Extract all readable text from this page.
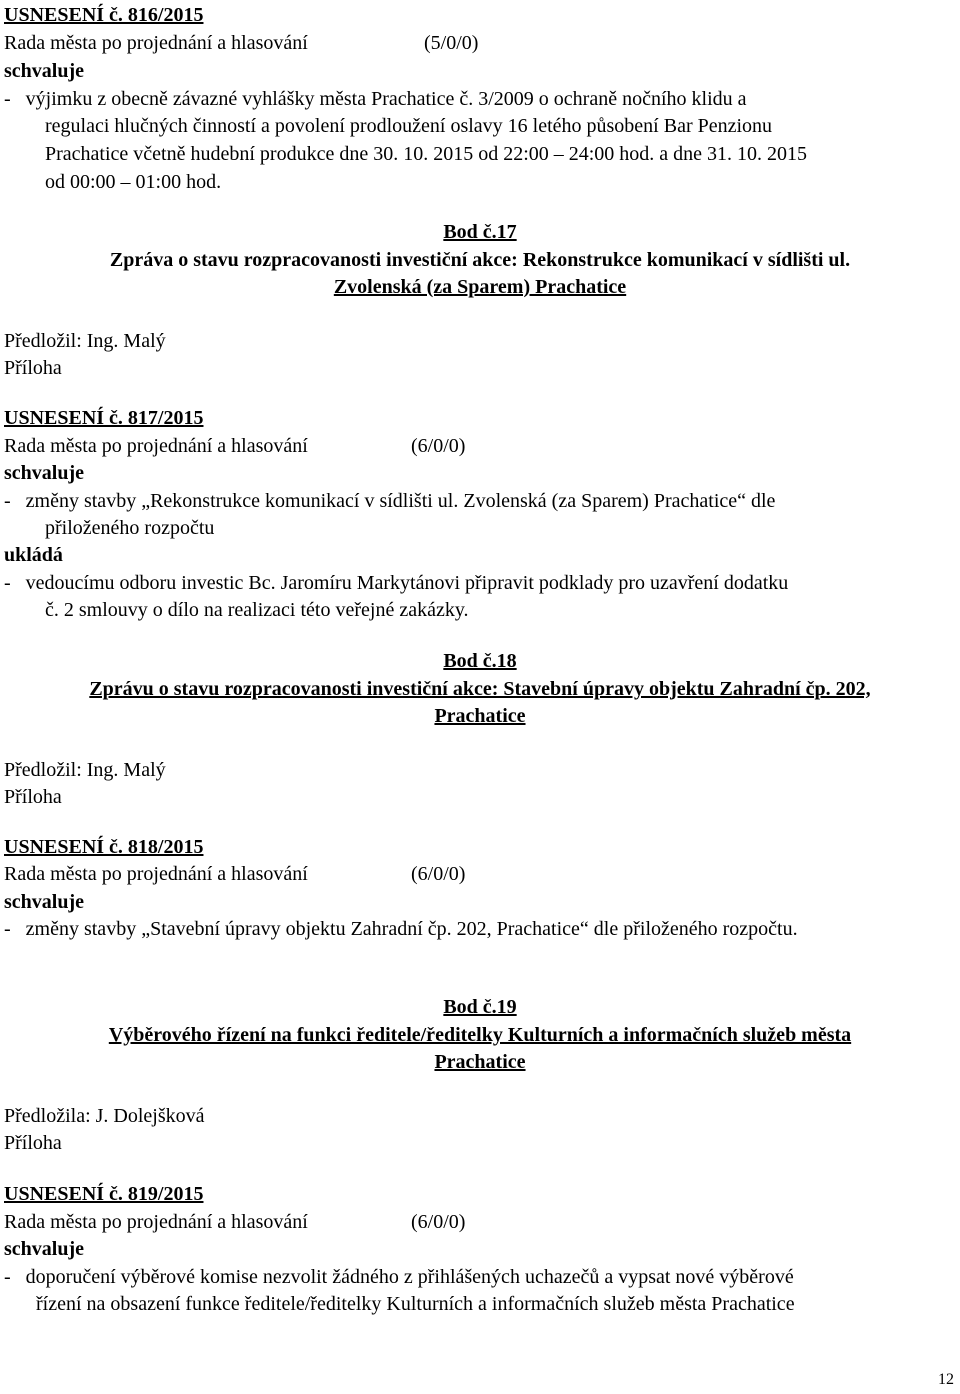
USNESENÍ č. 816/2015
Rada města po projednání a hlasování	(5/0/0)
schvaluje
-   výjimku z obecně závazné vyhlášky města Prachatice č. 3/2009 o ochraně nočního klidu a
regulaci hlučných činností a povolení prodloužení oslavy 16 letého působení Bar Penzionu
Prachatice včetně hudební produkce dne 30. 10. 2015 od 22:00 – 24:00 hod. a dne 31. 10. 2015
od 00:00 – 01:00 hod.
Bod č.17
Zpráva o stavu rozpracovanosti investiční akce: Rekonstrukce komunikací v sídlišti ul.
Zvolenská (za Sparem) Prachatice
Předložil: Ing. Malý
Příloha
USNESENÍ č. 817/2015
Rada města po projednání a hlasování	(6/0/0)
schvaluje
-   změny stavby „Rekonstrukce komunikací v sídlišti ul. Zvolenská (za Sparem) Prachatice“ dle
přiloženého rozpočtu
ukládá
-   vedoucímu odboru investic Bc. Jaromíru Markytánovi připravit podklady pro uzavření dodatku
č. 2 smlouvy o dílo na realizaci této veřejné zakázky.
Bod č.18
Zprávu o stavu rozpracovanosti investiční akce: Stavební úpravy objektu Zahradní čp. 202,
Prachatice
Předložil: Ing. Malý
Příloha
USNESENÍ č. 818/2015
Rada města po projednání a hlasování	(6/0/0)
schvaluje
-   změny stavby „Stavební úpravy objektu Zahradní čp. 202, Prachatice“ dle přiloženého rozpočtu.
Bod č.19
Výběrového řízení na funkci ředitele/ředitelky Kulturních a informačních služeb města
Prachatice
Předložila: J. Dolejšková
Příloha
USNESENÍ č. 819/2015
Rada města po projednání a hlasování	(6/0/0)
schvaluje
-   doporučení výběrové komise nezvolit žádného z přihlášených uchazečů a vypsat nové výběrové
řízení na obsazení funkce ředitele/ředitelky Kulturních a informačních služeb města Prachatice
12
